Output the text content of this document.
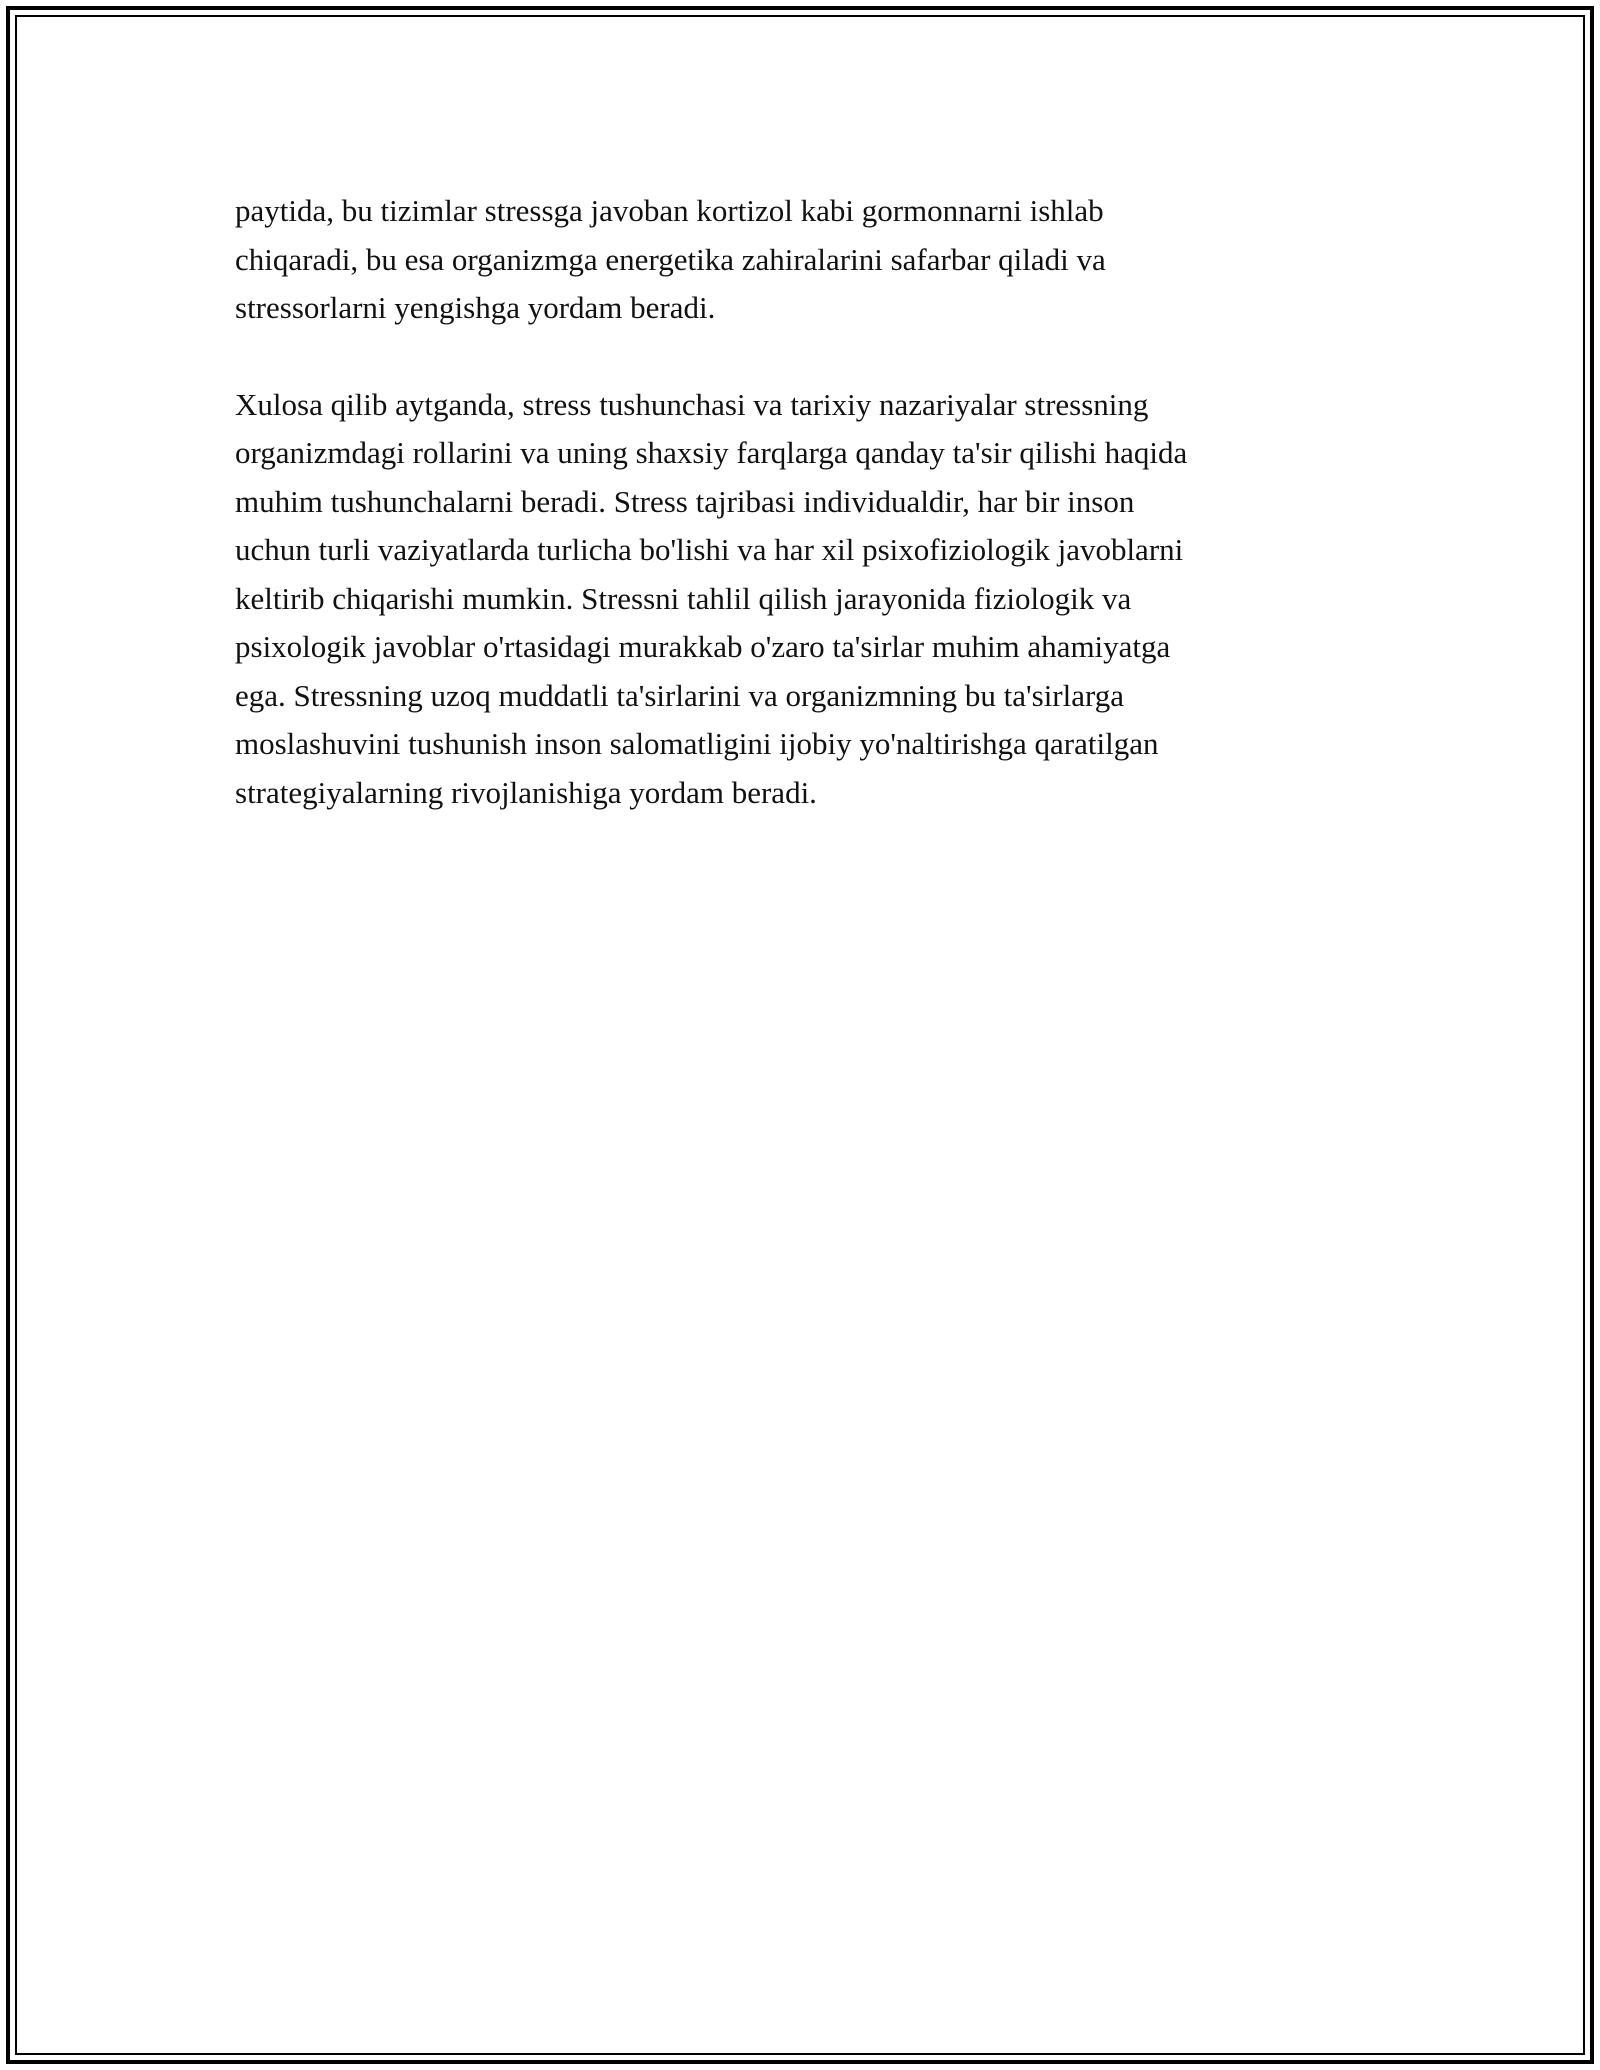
paytida, bu tizimlar stressga javoban kortizol kabi gormonnarni ishlab
chiqaradi, bu esa organizmga energetika zahiralarini safarbar qiladi va
stressorlarni yengishga yordam beradi.

Xulosa qilib aytganda, stress tushunchasi va tarixiy nazariyalar stressning
organizmdagi rollarini va uning shaxsiy farqlarga qanday ta'sir qilishi haqida
muhim tushunchalarni beradi. Stress tajribasi individualdir, har bir inson
uchun turli vaziyatlarda turlicha bo'lishi va har xil psixofiziologik javoblarni
keltirib chiqarishi mumkin. Stressni tahlil qilish jarayonida fiziologik va
psixologik javoblar o'rtasidagi murakkab o'zaro ta'sirlar muhim ahamiyatga
ega. Stressning uzoq muddatli ta'sirlarini va organizmning bu ta'sirlarga
moslashuvini tushunish inson salomatligini ijobiy yo'naltirishga qaratilgan
strategiyalarning rivojlanishiga yordam beradi.
